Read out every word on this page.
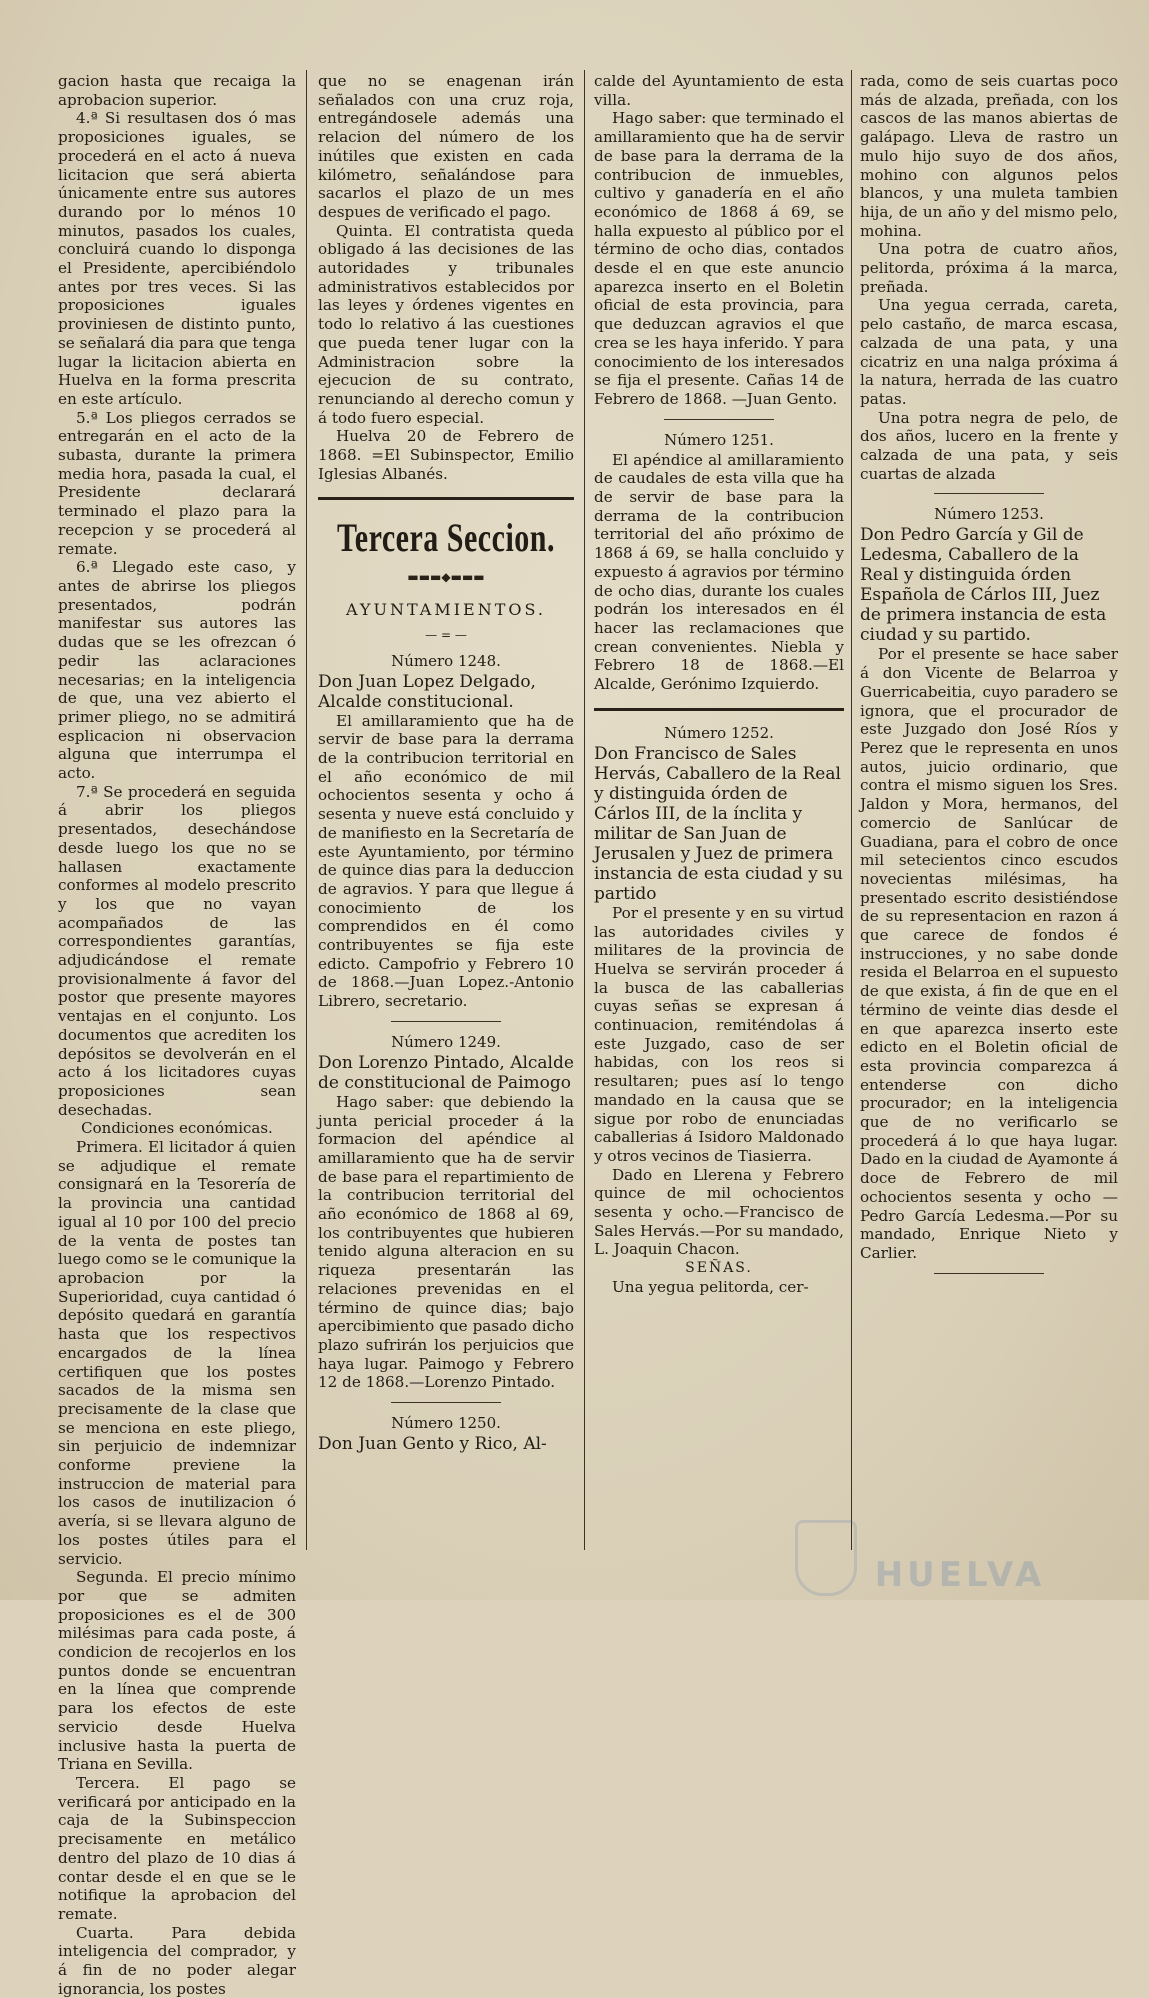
gacion hasta que recaiga la aprobacion superior.

4.ª Si resultasen dos ó mas proposiciones iguales, se procederá en el acto á nueva licitacion que será abierta únicamente entre sus autores durando por lo ménos 10 minutos, pasados los cuales, concluirá cuando lo disponga el Presidente, apercibiéndolo antes por tres veces. Si las proposiciones iguales proviniesen de distinto punto, se señalará dia para que tenga lugar la licitacion abierta en Huelva en la forma prescrita en este artículo.

5.ª Los pliegos cerrados se entregarán en el acto de la subasta, durante la primera media hora, pasada la cual, el Presidente declarará terminado el plazo para la recepcion y se procederá al remate.

6.ª Llegado este caso, y antes de abrirse los pliegos presentados, podrán manifestar sus autores las dudas que se les ofrezcan ó pedir las aclaraciones necesarias; en la inteligencia de que, una vez abierto el primer pliego, no se admitirá esplicacion ni observacion alguna que interrumpa el acto.

7.ª Se procederá en seguida á abrir los pliegos presentados, desechándose desde luego los que no se hallasen exactamente conformes al modelo prescrito y los que no vayan acompañados de las correspondientes garantías, adjudicándose el remate provisionalmente á favor del postor que presente mayores ventajas en el conjunto. Los documentos que acrediten los depósitos se devolverán en el acto á los licitadores cuyas proposiciones sean desechadas.

Condiciones económicas.

Primera. El licitador á quien se adjudique el remate consignará en la Tesorería de la provincia una cantidad igual al 10 por 100 del precio de la venta de postes tan luego como se le comunique la aprobacion por la Superioridad, cuya cantidad ó depósito quedará en garantía hasta que los respectivos encargados de la línea certifiquen que los postes sacados de la misma sen precisamente de la clase que se menciona en este pliego, sin perjuicio de indemnizar conforme previene la instruccion de material para los casos de inutilizacion ó avería, si se llevara alguno de los postes útiles para el servicio.

Segunda. El precio mínimo por que se admiten proposiciones es el de 300 milésimas para cada poste, á condicion de recojerlos en los puntos donde se encuentran en la línea que comprende para los efectos de este servicio desde Huelva inclusive hasta la puerta de Triana en Sevilla.

Tercera. El pago se verificará por anticipado en la caja de la Subinspeccion precisamente en metálico dentro del plazo de 10 dias á contar desde el en que se le notifique la aprobacion del remate.

Cuarta. Para debida inteligencia del comprador, y á fin de no poder alegar ignorancia, los postes

que no se enagenan irán señalados con una cruz roja, entregándosele además una relacion del número de los inútiles que existen en cada kilómetro, señalándose para sacarlos el plazo de un mes despues de verificado el pago.

Quinta. El contratista queda obligado á las decisiones de las autoridades y tribunales administrativos establecidos por las leyes y órdenes vigentes en todo lo relativo á las cuestiones que pueda tener lugar con la Administracion sobre la ejecucion de su contrato, renunciando al derecho comun y á todo fuero especial.

Huelva 20 de Febrero de 1868. =El Subinspector, Emilio Iglesias Albanés.

Tercera Seccion.
▬▬▬◆▬▬▬
AYUNTAMIENTOS.
— = —

Número 1248.

Don Juan Lopez Delgado, Alcalde constitucional.

El amillaramiento que ha de servir de base para la derrama de la contribucion territorial en el año económico de mil ochocientos sesenta y ocho á sesenta y nueve está concluido y de manifiesto en la Secretaría de este Ayuntamiento, por término de quince dias para la deduccion de agravios. Y para que llegue á conocimiento de los comprendidos en él como contribuyentes se fija este edicto. Campofrio y Febrero 10 de 1868.—Juan Lopez.-Antonio Librero, secretario.

Número 1249.

Don Lorenzo Pintado, Alcalde de constitucional de Paimogo

Hago saber: que debiendo la junta pericial proceder á la formacion del apéndice al amillaramiento que ha de servir de base para el repartimiento de la contribucion territorial del año económico de 1868 al 69, los contribuyentes que hubieren tenido alguna alteracion en su riqueza presentarán las relaciones prevenidas en el término de quince dias; bajo apercibimiento que pasado dicho plazo sufrirán los perjuicios que haya lugar. Paimogo y Febrero 12 de 1868.—Lorenzo Pintado.

Número 1250.

Don Juan Gento y Rico, Al-

calde del Ayuntamiento de esta villa.

Hago saber: que terminado el amillaramiento que ha de servir de base para la derrama de la contribucion de inmuebles, cultivo y ganadería en el año económico de 1868 á 69, se halla expuesto al público por el término de ocho dias, contados desde el en que este anuncio aparezca inserto en el Boletin oficial de esta provincia, para que deduzcan agravios el que crea se les haya inferido. Y para conocimiento de los interesados se fija el presente. Cañas 14 de Febrero de 1868. —Juan Gento.

Número 1251.

El apéndice al amillaramiento de caudales de esta villa que ha de servir de base para la derrama de la contribucion territorial del año próximo de 1868 á 69, se halla concluido y expuesto á agravios por término de ocho dias, durante los cuales podrán los interesados en él hacer las reclamaciones que crean convenientes. Niebla y Febrero 18 de 1868.—El Alcalde, Gerónimo Izquierdo.

Número 1252.

Don Francisco de Sales Hervás, Caballero de la Real y distinguida órden de Cárlos III, de la ínclita y militar de San Juan de Jerusalen y Juez de primera instancia de esta ciudad y su partido

Por el presente y en su virtud las autoridades civiles y militares de la provincia de Huelva se servirán proceder á la busca de las caballerias cuyas señas se expresan á continuacion, remiténdolas á este Juzgado, caso de ser habidas, con los reos si resultaren; pues así lo tengo mandado en la causa que se sigue por robo de enunciadas caballerias á Isidoro Maldonado y otros vecinos de Tiasierra.

Dado en Llerena y Febrero quince de mil ochocientos sesenta y ocho.—Francisco de Sales Hervás.—Por su mandado, L. Joaquin Chacon.

SEÑAS.

Una yegua pelitorda, cer-

rada, como de seis cuartas poco más de alzada, preñada, con los cascos de las manos abiertas de galápago. Lleva de rastro un mulo hijo suyo de dos años, mohino con algunos pelos blancos, y una muleta tambien hija, de un año y del mismo pelo, mohina.

Una potra de cuatro años, pelitorda, próxima á la marca, preñada.

Una yegua cerrada, careta, pelo castaño, de marca escasa, calzada de una pata, y una cicatriz en una nalga próxima á la natura, herrada de las cuatro patas.

Una potra negra de pelo, de dos años, lucero en la frente y calzada de una pata, y seis cuartas de alzada

Número 1253.

Don Pedro García y Gil de Ledesma, Caballero de la Real y distinguida órden Española de Cárlos III, Juez de primera instancia de esta ciudad y su partido.

Por el presente se hace saber á don Vicente de Belarroa y Guerricabeitia, cuyo paradero se ignora, que el procurador de este Juzgado don José Ríos y Perez que le representa en unos autos, juicio ordinario, que contra el mismo siguen los Sres. Jaldon y Mora, hermanos, del comercio de Sanlúcar de Guadiana, para el cobro de once mil setecientos cinco escudos novecientas milésimas, ha presentado escrito desistiéndose de su representacion en razon á que carece de fondos é instrucciones, y no sabe donde resida el Belarroa en el supuesto de que exista, á fin de que en el término de veinte dias desde el en que aparezca inserto este edicto en el Boletin oficial de esta provincia comparezca á entenderse con dicho procurador; en la inteligencia que de no verificarlo se procederá á lo que haya lugar. Dado en la ciudad de Ayamonte á doce de Febrero de mil ochocientos sesenta y ocho —Pedro García Ledesma.—Por su mandado, Enrique Nieto y Carlier.

HUELVA
